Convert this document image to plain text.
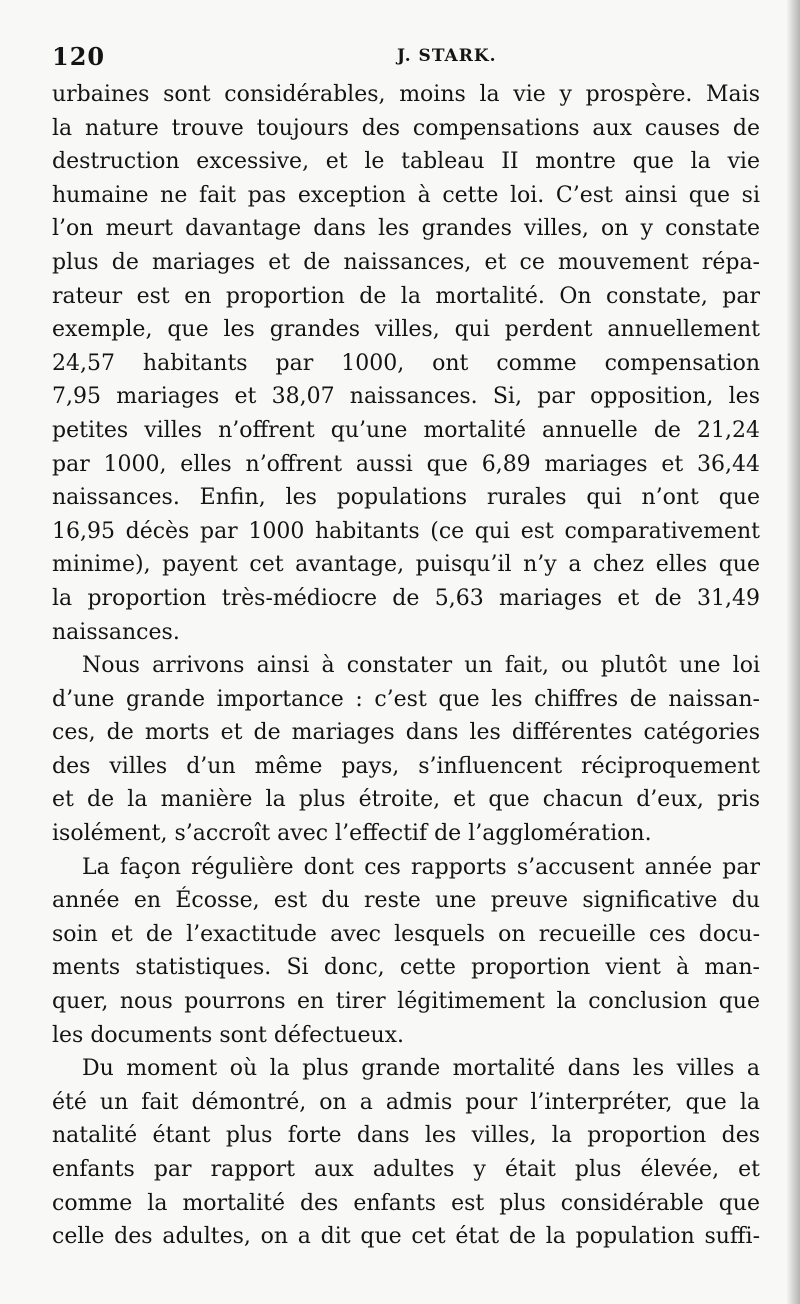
120	J. STARK.
urbaines sont considérables, moins la vie y prospère. Mais
la nature trouve toujours des compensations aux causes de
destruction excessive, et le tableau II montre que la vie
humaine ne fait pas exception à cette loi. C’est ainsi que si
l’on meurt davantage dans les grandes villes, on y constate
plus de mariages et de naissances, et ce mouvement répa-
rateur est en proportion de la mortalité. On constate, par
exemple, que les grandes villes, qui perdent annuellement
24,57 habitants par 1000, ont comme compensation
7,95 mariages et 38,07 naissances. Si, par opposition, les
petites villes n’offrent qu’une mortalité annuelle de 21,24
par 1000, elles n’offrent aussi que 6,89 mariages et 36,44
naissances. Enfin, les populations rurales qui n’ont que
16,95 décès par 1000 habitants (ce qui est comparativement
minime), payent cet avantage, puisqu’il n’y a chez elles que
la proportion très-médiocre de 5,63 mariages et de 31,49
naissances.
Nous arrivons ainsi à constater un fait, ou plutôt une loi
d’une grande importance : c’est que les chiffres de naissan-
ces, de morts et de mariages dans les différentes catégories
des villes d’un même pays, s’influencent réciproquement
et de la manière la plus étroite, et que chacun d’eux, pris
isolément, s’accroît avec l’effectif de l’agglomération.
La façon régulière dont ces rapports s’accusent année par
année en Écosse, est du reste une preuve significative du
soin et de l’exactitude avec lesquels on recueille ces docu-
ments statistiques. Si donc, cette proportion vient à man-
quer, nous pourrons en tirer légitimement la conclusion que
les documents sont défectueux.
Du moment où la plus grande mortalité dans les villes a
été un fait démontré, on a admis pour l’interpréter, que la
natalité étant plus forte dans les villes, la proportion des
enfants par rapport aux adultes y était plus élevée, et
comme la mortalité des enfants est plus considérable que
celle des adultes, on a dit que cet état de la population suffi-
